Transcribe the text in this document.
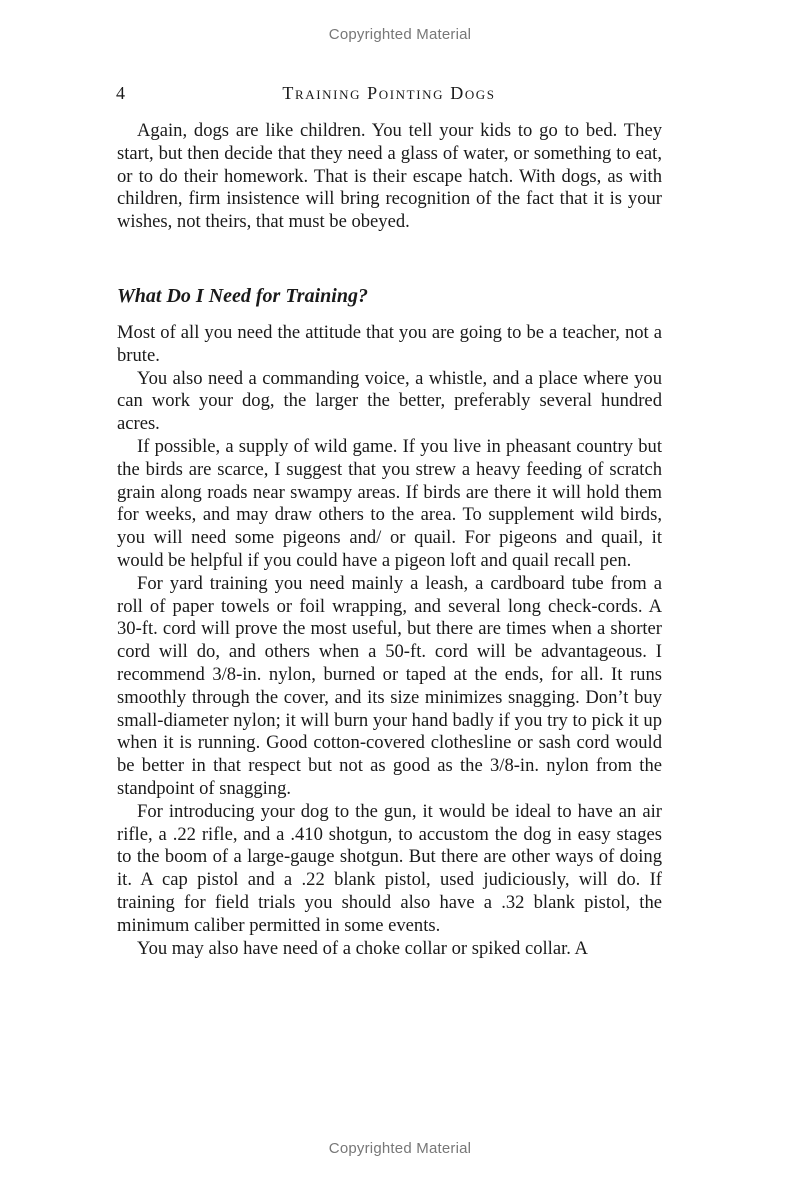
Copyrighted Material
4	Training Pointing Dogs

Again, dogs are like children. You tell your kids to go to bed. They start, but then decide that they need a glass of water, or something to eat, or to do their homework. That is their escape hatch. With dogs, as with children, firm insistence will bring recognition of the fact that it is your wishes, not theirs, that must be obeyed.

What Do I Need for Training?

Most of all you need the attitude that you are going to be a teacher, not a brute.

You also need a commanding voice, a whistle, and a place where you can work your dog, the larger the better, preferably several hundred acres.

If possible, a supply of wild game. If you live in pheasant country but the birds are scarce, I suggest that you strew a heavy feeding of scratch grain along roads near swampy areas. If birds are there it will hold them for weeks, and may draw others to the area. To supplement wild birds, you will need some pigeons and/ or quail. For pigeons and quail, it would be helpful if you could have a pigeon loft and quail recall pen.

For yard training you need mainly a leash, a cardboard tube from a roll of paper towels or foil wrapping, and several long check-cords. A 30-ft. cord will prove the most useful, but there are times when a shorter cord will do, and others when a 50-ft. cord will be advantageous. I recommend 3/8-in. nylon, burned or taped at the ends, for all. It runs smoothly through the cover, and its size minimizes snagging. Don’t buy small-diameter nylon; it will burn your hand badly if you try to pick it up when it is running. Good cotton-covered clothesline or sash cord would be better in that respect but not as good as the 3/8-in. nylon from the standpoint of snagging.

For introducing your dog to the gun, it would be ideal to have an air rifle, a .22 rifle, and a .410 shotgun, to accustom the dog in easy stages to the boom of a large-gauge shotgun. But there are other ways of doing it. A cap pistol and a .22 blank pistol, used judiciously, will do. If training for field trials you should also have a .32 blank pistol, the minimum caliber permitted in some events.

You may also have need of a choke collar or spiked collar. A

Copyrighted Material
